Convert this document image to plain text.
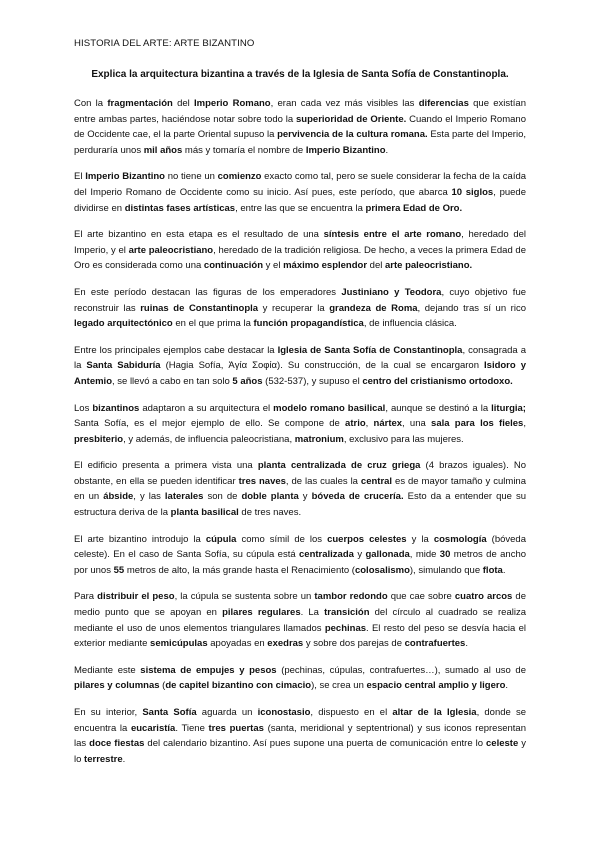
HISTORIA DEL ARTE: ARTE BIZANTINO
Explica la arquitectura bizantina a través de la Iglesia de Santa Sofía de Constantinopla.

Con la fragmentación del Imperio Romano, eran cada vez más visibles las diferencias que existían entre ambas partes, haciéndose notar sobre todo la superioridad de Oriente. Cuando el Imperio Romano de Occidente cae, el la parte Oriental supuso la pervivencia de la cultura romana. Esta parte del Imperio, perduraría unos mil años más y tomaría el nombre de Imperio Bizantino.

El Imperio Bizantino no tiene un comienzo exacto como tal, pero se suele considerar la fecha de la caída del Imperio Romano de Occidente como su inicio. Así pues, este período, que abarca 10 siglos, puede dividirse en distintas fases artísticas, entre las que se encuentra la primera Edad de Oro.

El arte bizantino en esta etapa es el resultado de una síntesis entre el arte romano, heredado del Imperio, y el arte paleocristiano, heredado de la tradición religiosa. De hecho, a veces la primera Edad de Oro es considerada como una continuación y el máximo esplendor del arte paleocristiano.

En este período destacan las figuras de los emperadores Justiniano y Teodora, cuyo objetivo fue reconstruir las ruinas de Constantinopla y recuperar la grandeza de Roma, dejando tras sí un rico legado arquitectónico en el que prima la función propagandística, de influencia clásica.

Entre los principales ejemplos cabe destacar la Iglesia de Santa Sofía de Constantinopla, consagrada a la Santa Sabiduría (Hagia Sofía, Ἁγία Σοφία). Su construcción, de la cual se encargaron Isidoro y Antemio, se llevó a cabo en tan solo 5 años (532-537), y supuso el centro del cristianismo ortodoxo.

Los bizantinos adaptaron a su arquitectura el modelo romano basilical, aunque se destinó a la liturgia; Santa Sofía, es el mejor ejemplo de ello. Se compone de atrio, nártex, una sala para los fieles, presbiterio, y además, de influencia paleocristiana, matronium, exclusivo para las mujeres.

El edificio presenta a primera vista una planta centralizada de cruz griega (4 brazos iguales). No obstante, en ella se pueden identificar tres naves, de las cuales la central es de mayor tamaño y culmina en un ábside, y las laterales son de doble planta y bóveda de crucería. Esto da a entender que su estructura deriva de la planta basilical de tres naves.

El arte bizantino introdujo la cúpula como símil de los cuerpos celestes y la cosmología (bóveda celeste). En el caso de Santa Sofía, su cúpula está centralizada y gallonada, mide 30 metros de ancho por unos 55 metros de alto, la más grande hasta el Renacimiento (colosalismo), simulando que flota.

Para distribuir el peso, la cúpula se sustenta sobre un tambor redondo que cae sobre cuatro arcos de medio punto que se apoyan en pilares regulares. La transición del círculo al cuadrado se realiza mediante el uso de unos elementos triangulares llamados pechinas. El resto del peso se desvía hacia el exterior mediante semicúpulas apoyadas en exedras y sobre dos parejas de contrafuertes.

Mediante este sistema de empujes y pesos (pechinas, cúpulas, contrafuertes…), sumado al uso de pilares y columnas (de capitel bizantino con cimacio), se crea un espacio central amplio y ligero.

En su interior, Santa Sofía aguarda un iconostasio, dispuesto en el altar de la Iglesia, donde se encuentra la eucaristía. Tiene tres puertas (santa, meridional y septentrional) y sus iconos representan las doce fiestas del calendario bizantino. Así pues supone una puerta de comunicación entre lo celeste y lo terrestre.
